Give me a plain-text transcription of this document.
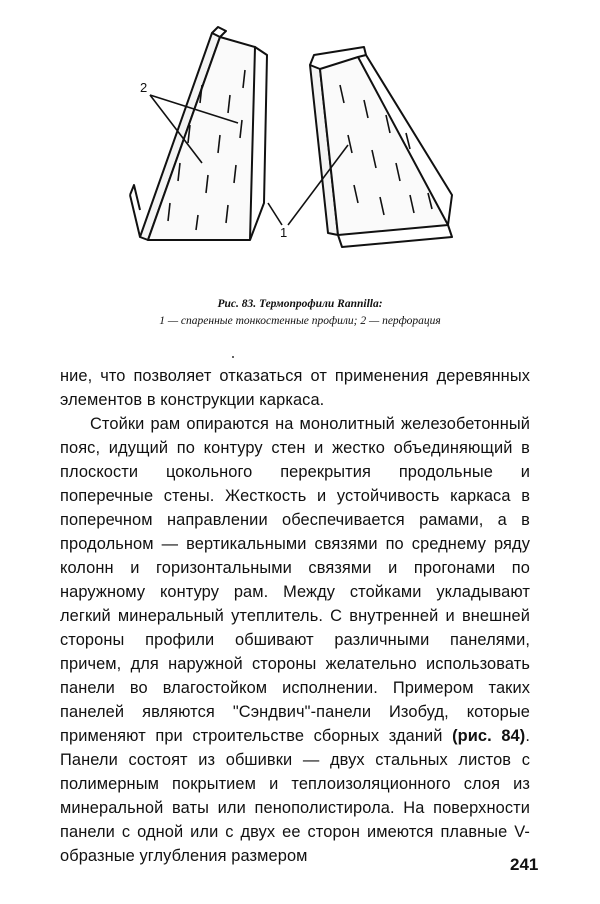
2
1
Рис. 83. Термопрофили Rannilla:
1 — спаренные тонкостенные профили; 2 — перфорация

ние, что позволяет отказаться от применения деревянных элементов в конструкции каркаса.

Стойки рам опираются на монолитный железобетонный пояс, идущий по контуру стен и жестко объединяющий в плоскости цокольного перекрытия продольные и поперечные стены. Жесткость и устойчивость каркаса в поперечном направлении обеспечивается рамами, а в продольном — вертикальными связями по среднему ряду колонн и горизонтальными связями и прогонами по наружному контуру рам. Между стойками укладывают легкий минеральный утеплитель. С внутренней и внешней стороны профили обшивают различными панелями, причем, для наружной стороны желательно использовать панели во влагостойком исполнении. Примером таких панелей являются "Сэндвич"-панели Изобуд, которые применяют при строительстве сборных зданий (рис. 84). Панели состоят из обшивки — двух стальных листов с полимерным покрытием и теплоизоляционного слоя из минеральной ваты или пенополистирола. На поверхности панели с одной или с двух ее сторон имеются плавные V- образные углубления размером	241
